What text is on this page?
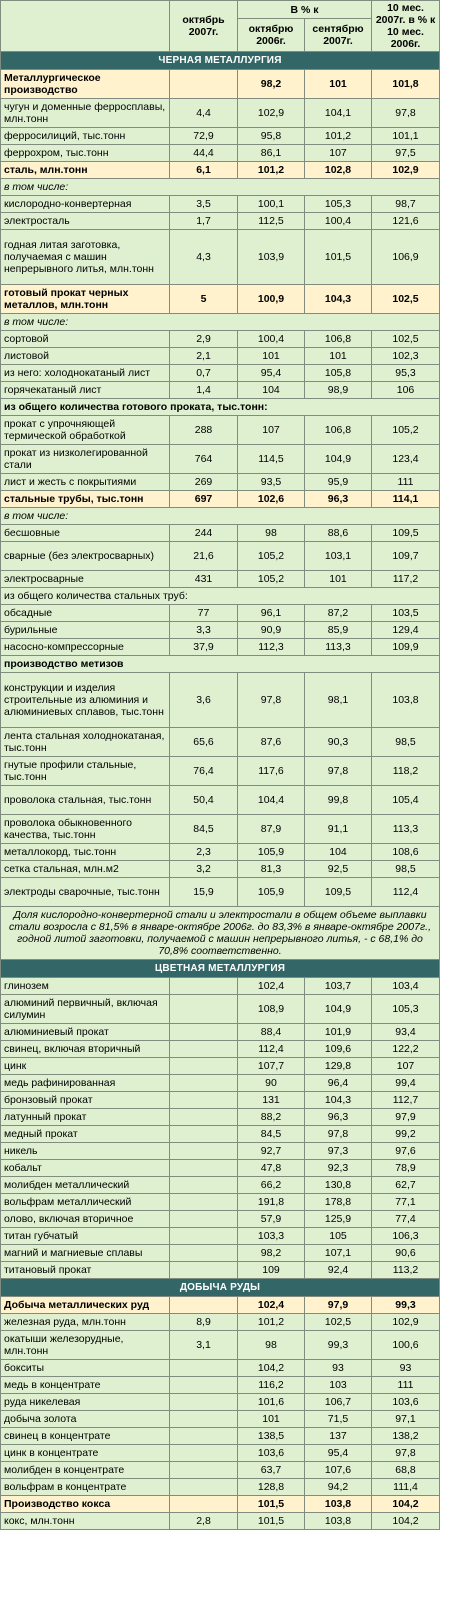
	октябрь 2007г.	В % к		10 мес. 2007г. в % к 10 мес. 2006г.
		октябрю 2006г.	сентябрю 2007г.	
ЧЕРНАЯ МЕТАЛЛУРГИЯ				
Металлургическое производство		98,2	101	101,8
чугун и доменные ферросплавы, млн.тонн	4,4	102,9	104,1	97,8
ферросилиций, тыс.тонн	72,9	95,8	101,2	101,1
феррохром, тыс.тонн	44,4	86,1	107	97,5
сталь, млн.тонн	6,1	101,2	102,8	102,9
в том числе:				
кислородно-конвертерная	3,5	100,1	105,3	98,7
электросталь	1,7	112,5	100,4	121,6
годная литая заготовка, получаемая с машин непрерывного литья, млн.тонн	4,3	103,9	101,5	106,9
готовый прокат черных металлов, млн.тонн	5	100,9	104,3	102,5
в том числе:				
сортовой	2,9	100,4	106,8	102,5
листовой	2,1	101	101	102,3
из него: холоднокатаный лист	0,7	95,4	105,8	95,3
горячекатаный лист	1,4	104	98,9	106
из общего количества готового проката, тыс.тонн:				
прокат с упрочняющей термической обработкой	288	107	106,8	105,2
прокат из низколегированной стали	764	114,5	104,9	123,4
лист и жесть с покрытиями	269	93,5	95,9	111
стальные трубы, тыс.тонн	697	102,6	96,3	114,1
в том числе:				
бесшовные	244	98	88,6	109,5
сварные (без электросварных)	21,6	105,2	103,1	109,7
электросварные	431	105,2	101	117,2
из общего количества стальных труб:				
обсадные	77	96,1	87,2	103,5
бурильные	3,3	90,9	85,9	129,4
насосно-компрессорные	37,9	112,3	113,3	109,9
производство метизов				
конструкции и изделия строительные из алюминия и алюминиевых сплавов, тыс.тонн	3,6	97,8	98,1	103,8
лента стальная холоднокатаная, тыс.тонн	65,6	87,6	90,3	98,5
гнутые профили стальные, тыс.тонн	76,4	117,6	97,8	118,2
проволока стальная, тыс.тонн	50,4	104,4	99,8	105,4
проволока обыкновенного качества, тыс.тонн	84,5	87,9	91,1	113,3
металлокорд, тыс.тонн	2,3	105,9	104	108,6
сетка стальная, млн.м2	3,2	81,3	92,5	98,5
электроды сварочные, тыс.тонн	15,9	105,9	109,5	112,4
Доля кислородно-конвертерной стали и электростали в общем объеме выплавки стали возросла с 81,5% в январе-октябре 2006г. до 83,3% в январе-октябре 2007г., годной литой заготовки, получаемой с машин непрерывного литья, - с 68,1% до 70,8% соответственно.				
ЦВЕТНАЯ МЕТАЛЛУРГИЯ				
глинозем		102,4	103,7	103,4
алюминий первичный, включая силумин		108,9	104,9	105,3
алюминиевый прокат		88,4	101,9	93,4
свинец, включая вторичный		112,4	109,6	122,2
цинк		107,7	129,8	107
медь рафинированная		90	96,4	99,4
бронзовый прокат		131	104,3	112,7
латунный прокат		88,2	96,3	97,9
медный прокат		84,5	97,8	99,2
никель		92,7	97,3	97,6
кобальт		47,8	92,3	78,9
молибден металлический		66,2	130,8	62,7
вольфрам металлический		191,8	178,8	77,1
олово, включая вторичное		57,9	125,9	77,4
титан губчатый		103,3	105	106,3
магний и магниевые сплавы		98,2	107,1	90,6
титановый прокат		109	92,4	113,2
ДОБЫЧА РУДЫ				
Добыча металлических руд		102,4	97,9	99,3
железная руда, млн.тонн	8,9	101,2	102,5	102,9
окатыши железорудные, млн.тонн	3,1	98	99,3	100,6
бокситы		104,2	93	93
медь в концентрате		116,2	103	111
руда никелевая		101,6	106,7	103,6
добыча золота		101	71,5	97,1
свинец в концентрате		138,5	137	138,2
цинк в концентрате		103,6	95,4	97,8
молибден в концентрате		63,7	107,6	68,8
вольфрам в концентрате		128,8	94,2	111,4
Производство кокса		101,5	103,8	104,2
кокс, млн.тонн	2,8	101,5	103,8	104,2
